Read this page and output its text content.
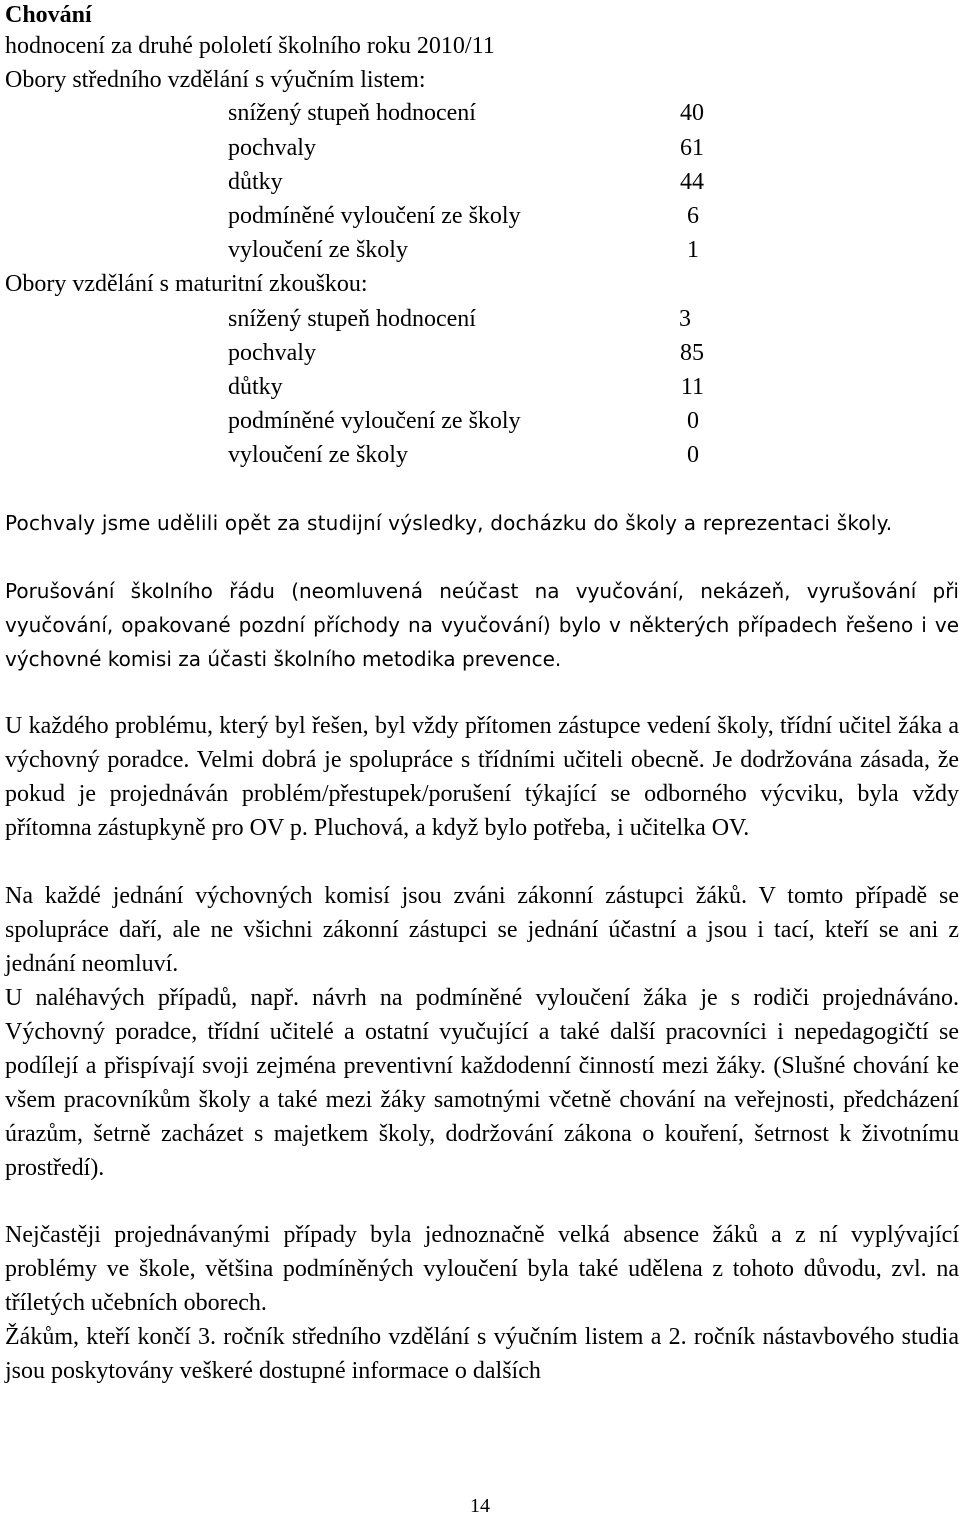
Chování
hodnocení za druhé pololetí školního roku 2010/11
Obory středního vzdělání s výučním listem:
snížený stupeň hodnocení	40
pochvaly	61
důtky	44
podmíněné vyloučení ze školy	6
vyloučení ze školy	1
Obory vzdělání s maturitní zkouškou:
snížený stupeň hodnocení	3
pochvaly	85
důtky	11
podmíněné vyloučení ze školy	0
vyloučení ze školy	0
Pochvaly jsme udělili opět za studijní výsledky, docházku do školy a reprezentaci školy.
Porušování školního řádu (neomluvená neúčast na vyučování, nekázeň, vyrušování při vyučování, opakované pozdní příchody na vyučování) bylo v některých případech řešeno i ve výchovné komisi za účasti školního metodika prevence.
U každého problému, který byl řešen, byl vždy přítomen zástupce vedení školy, třídní učitel žáka a výchovný poradce. Velmi dobrá je spolupráce s třídními učiteli obecně. Je dodržována zásada, že pokud je projednáván problém/přestupek/porušení týkající se odborného výcviku, byla vždy přítomna zástupkyně pro OV p. Pluchová, a když bylo potřeba, i učitelka OV.
Na každé jednání výchovných komisí jsou zváni zákonní zástupci žáků. V tomto případě se spolupráce daří, ale ne všichni zákonní zástupci se jednání účastní a jsou i tací, kteří se ani z jednání neomluví.
U naléhavých případů, např. návrh na podmíněné vyloučení žáka je s rodiči projednáváno. Výchovný poradce, třídní učitelé a ostatní vyučující a také další pracovníci i nepedagogičtí se podílejí a přispívají svoji zejména preventivní každodenní činností mezi žáky. (Slušné chování ke všem pracovníkům školy a také mezi žáky samotnými včetně chování na veřejnosti, předcházení úrazům, šetrně zacházet s majetkem školy, dodržování zákona o kouření, šetrnost k životnímu prostředí).
Nejčastěji projednávanými případy byla jednoznačně velká absence žáků a z ní vyplývající problémy ve škole, většina podmíněných vyloučení byla také udělena z tohoto důvodu, zvl. na tříletých učebních oborech.
Žákům, kteří končí 3. ročník středního vzdělání s výučním listem a 2. ročník nástavbového studia jsou poskytovány veškeré dostupné informace o dalších
14
